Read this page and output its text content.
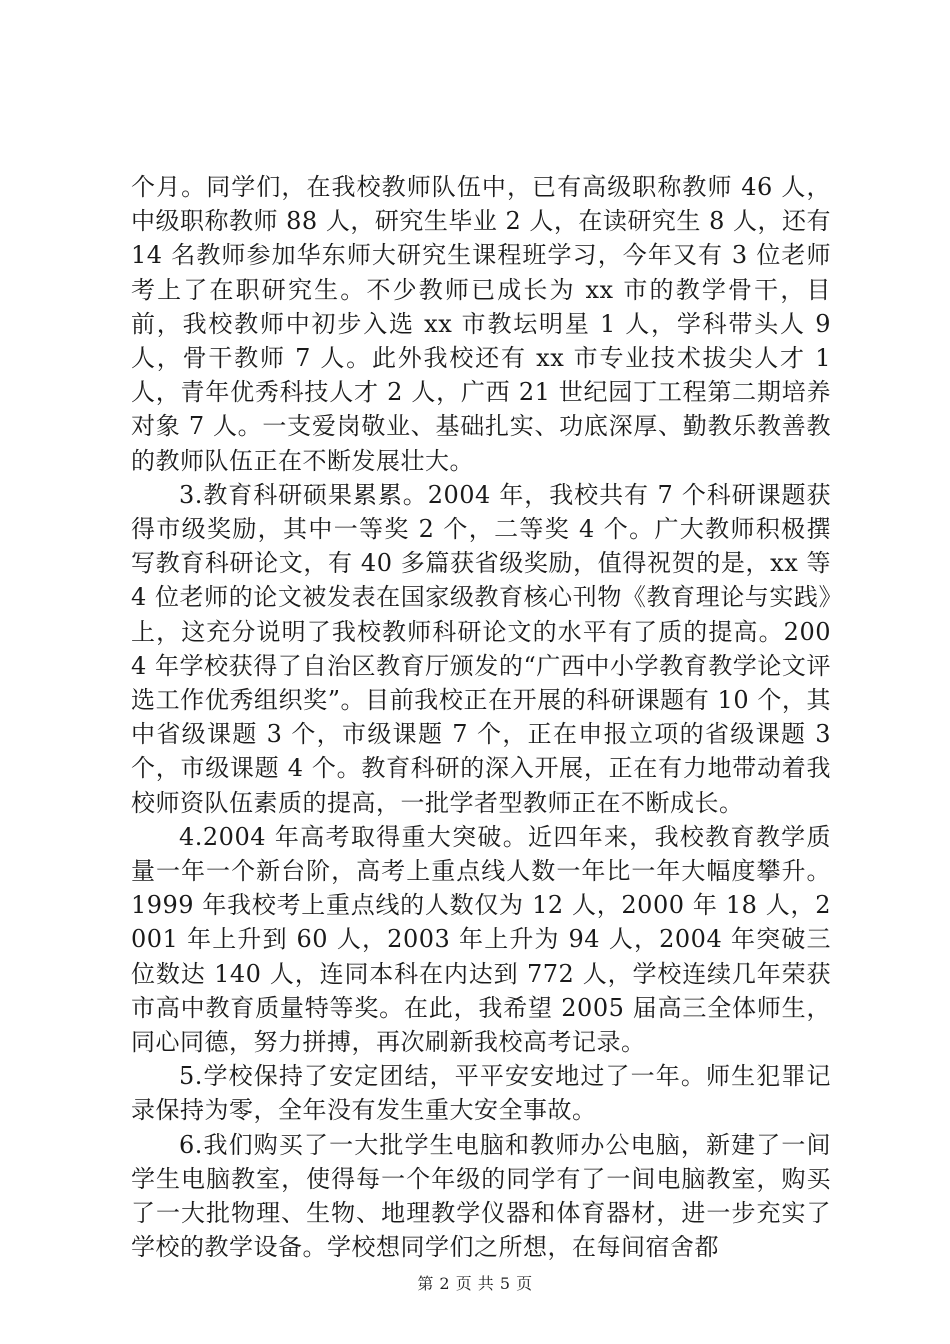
个月。同学们，在我校教师队伍中，已有高级职称教师 46 人，中级职称教师 88 人，研究生毕业 2 人，在读研究生 8 人，还有 14 名教师参加华东师大研究生课程班学习，今年又有 3 位老师考上了在职研究生。不少教师已成长为 xx 市的教学骨干，目前，我校教师中初步入选 xx 市教坛明星 1 人，学科带头人 9 人，骨干教师 7 人。此外我校还有 xx 市专业技术拔尖人才 1 人，青年优秀科技人才 2 人，广西 21 世纪园丁工程第二期培养对象 7 人。一支爱岗敬业、基础扎实、功底深厚、勤教乐教善教的教师队伍正在不断发展壮大。

3.教育科研硕果累累。2004 年，我校共有 7 个科研课题获得市级奖励，其中一等奖 2 个，二等奖 4 个。广大教师积极撰写教育科研论文，有 40 多篇获省级奖励，值得祝贺的是，xx 等 4 位老师的论文被发表在国家级教育核心刊物《教育理论与实践》上，这充分说明了我校教师科研论文的水平有了质的提高。2004 年学校获得了自治区教育厅颁发的“广西中小学教育教学论文评选工作优秀组织奖”。目前我校正在开展的科研课题有 10 个，其中省级课题 3 个，市级课题 7 个，正在申报立项的省级课题 3 个，市级课题 4 个。教育科研的深入开展，正在有力地带动着我校师资队伍素质的提高，一批学者型教师正在不断成长。

4.2004 年高考取得重大突破。近四年来，我校教育教学质量一年一个新台阶，高考上重点线人数一年比一年大幅度攀升。1999 年我校考上重点线的人数仅为 12 人，2000 年 18 人，2001 年上升到 60 人，2003 年上升为 94 人，2004 年突破三位数达 140 人，连同本科在内达到 772 人，学校连续几年荣获市高中教育质量特等奖。在此，我希望 2005 届高三全体师生，同心同德，努力拼搏，再次刷新我校高考记录。

5.学校保持了安定团结，平平安安地过了一年。师生犯罪记录保持为零，全年没有发生重大安全事故。

6.我们购买了一大批学生电脑和教师办公电脑，新建了一间学生电脑教室，使得每一个年级的同学有了一间电脑教室，购买了一大批物理、生物、地理教学仪器和体育器材，进一步充实了学校的教学设备。学校想同学们之所想，在每间宿舍都

第 2 页 共 5 页
